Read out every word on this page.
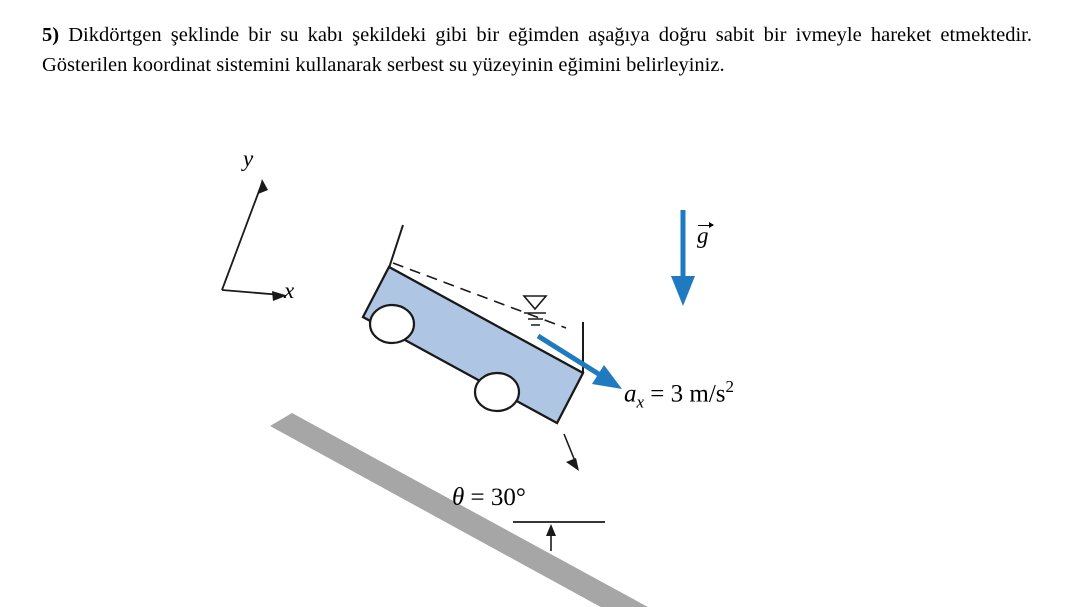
5) Dikdörtgen şeklinde bir su kabı şekildeki gibi bir eğimden aşağıya doğru sabit bir ivmeyle hareket etmektedir. Gösterilen koordinat sistemini kullanarak serbest su yüzeyinin eğimini belirleyiniz.
y
x
g
$a_x = 3$ $m/s^2$
θ = 30°
